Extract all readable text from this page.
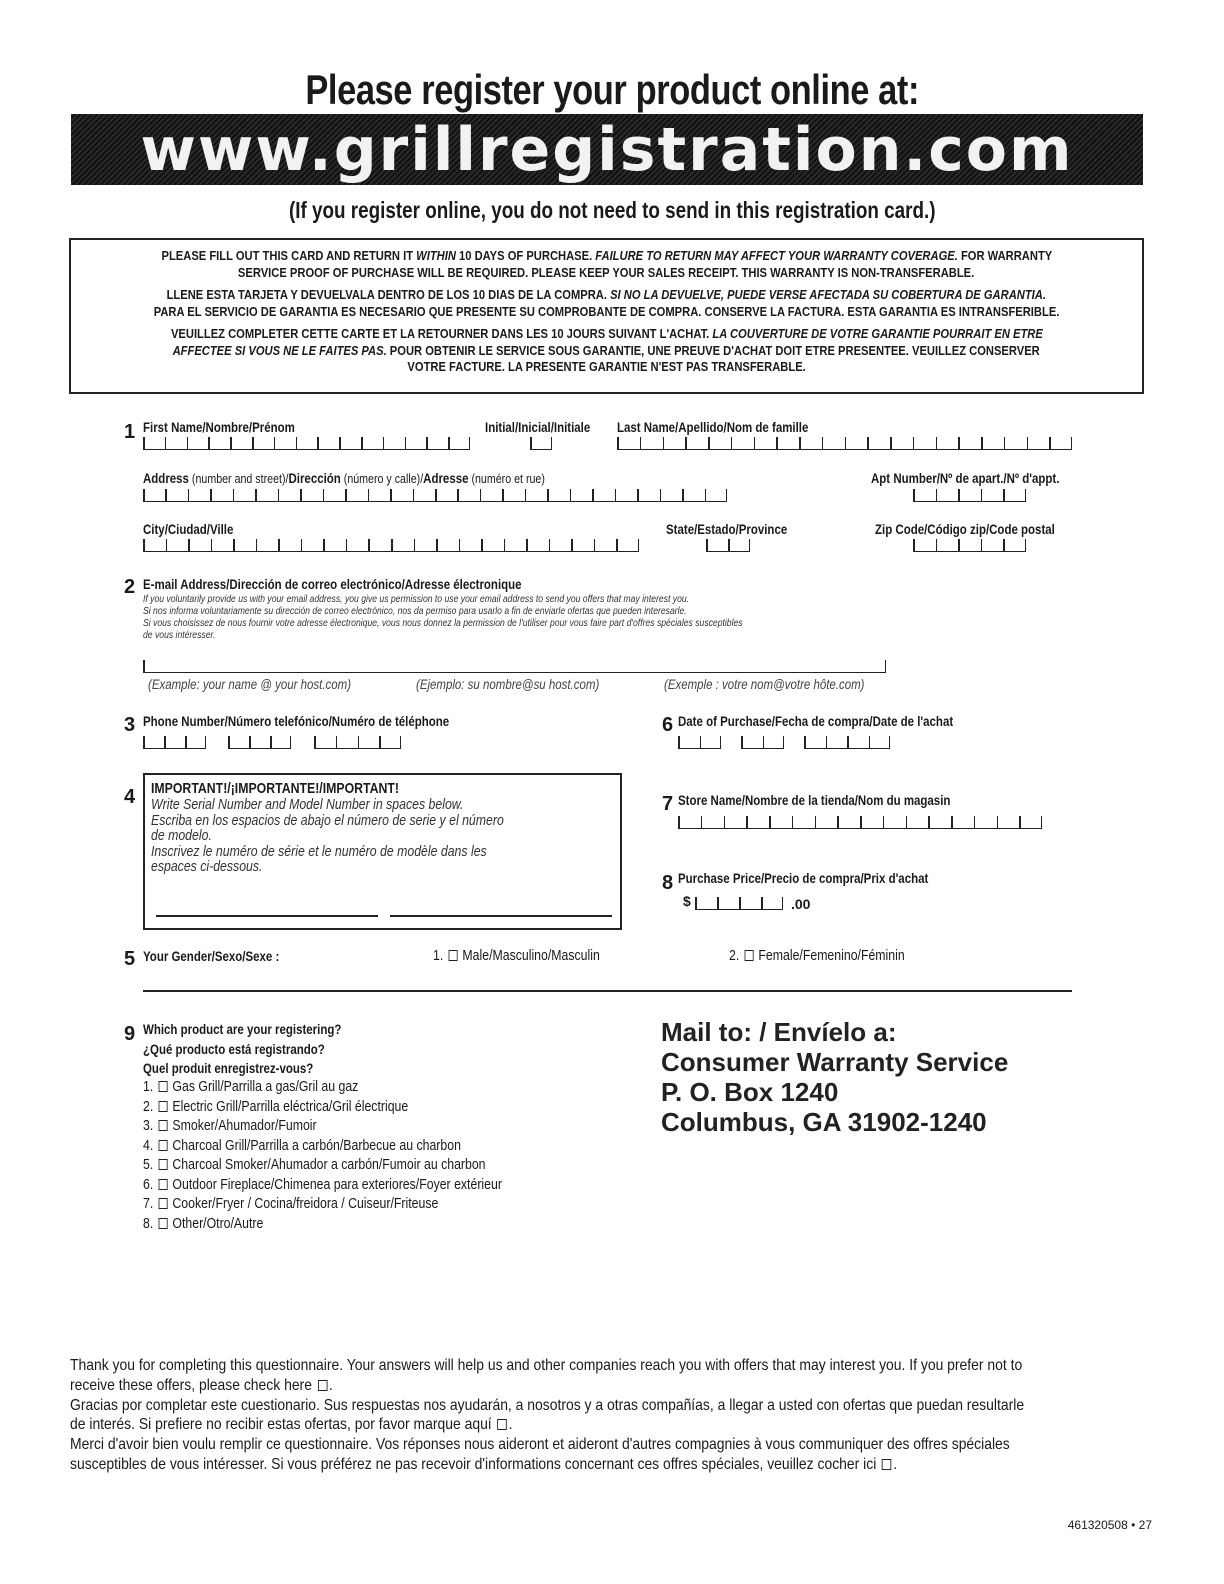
Please register your product online at:
www.grillregistration.com
(If you register online, you do not need to send in this registration card.)

PLEASE FILL OUT THIS CARD AND RETURN IT WITHIN 10 DAYS OF PURCHASE. FAILURE TO RETURN MAY AFFECT YOUR WARRANTY COVERAGE. FOR WARRANTY
SERVICE PROOF OF PURCHASE WILL BE REQUIRED. PLEASE KEEP YOUR SALES RECEIPT. THIS WARRANTY IS NON-TRANSFERABLE.

LLENE ESTA TARJETA Y DEVUELVALA DENTRO DE LOS 10 DIAS DE LA COMPRA. SI NO LA DEVUELVE, PUEDE VERSE AFECTADA SU COBERTURA DE GARANTIA.
PARA EL SERVICIO DE GARANTIA ES NECESARIO QUE PRESENTE SU COMPROBANTE DE COMPRA. CONSERVE LA FACTURA. ESTA GARANTIA ES INTRANSFERIBLE.

VEUILLEZ COMPLETER CETTE CARTE ET LA RETOURNER DANS LES 10 JOURS SUIVANT L'ACHAT. LA COUVERTURE DE VOTRE GARANTIE POURRAIT EN ETRE
AFFECTEE SI VOUS NE LE FAITES PAS. POUR OBTENIR LE SERVICE SOUS GARANTIE, UNE PREUVE D'ACHAT DOIT ETRE PRESENTEE. VEUILLEZ CONSERVER
VOTRE FACTURE. LA PRESENTE GARANTIE N'EST PAS TRANSFERABLE.

1 First Name/Nombre/Prénom	Initial/Inicial/Initiale	Last Name/Apellido/Nom de famille
Address (number and street)/Dirección (número y calle)/Adresse (numéro et rue)	Apt Number/Nº de apart./Nº d'appt.
City/Ciudad/Ville	State/Estado/Province	Zip Code/Código zip/Code postal
2 E-mail Address/Dirección de correo electrónico/Adresse électronique
If you voluntarily provide us with your email address, you give us permission to use your email address to send you offers that may interest you.
Si nos informa voluntariamente su dirección de correo electrónico, nos da permiso para usarlo a fin de enviarle ofertas que pueden interesarle.
Si vous choisissez de nous fournir votre adresse électronique, vous nous donnez la permission de l'utiliser pour vous faire part d'offres spéciales susceptibles
de vous intéresser.
(Example: your name @ your host.com)	(Ejemplo: su nombre@su host.com)	(Exemple : votre nom@votre hôte.com)
3 Phone Number/Número telefónico/Numéro de téléphone	6 Date of Purchase/Fecha de compra/Date de l'achat
4 IMPORTANT!/¡IMPORTANTE!/IMPORTANT!
Write Serial Number and Model Number in spaces below.
Escriba en los espacios de abajo el número de serie y el número
de modelo.
Inscrivez le numéro de série et le numéro de modèle dans les
espaces ci-dessous.
7 Store Name/Nombre de la tienda/Nom du magasin
8 Purchase Price/Precio de compra/Prix d'achat
$	.00
5 Your Gender/Sexo/Sexe :	1. Male/Masculino/Masculin	2. Female/Femenino/Féminin
9 Which product are your registering?
¿Qué producto está registrando?
Quel produit enregistrez-vous?
1. Gas Grill/Parrilla a gas/Gril au gaz
2. Electric Grill/Parrilla eléctrica/Gril électrique
3. Smoker/Ahumador/Fumoir
4. Charcoal Grill/Parrilla a carbón/Barbecue au charbon
5. Charcoal Smoker/Ahumador a carbón/Fumoir au charbon
6. Outdoor Fireplace/Chimenea para exteriores/Foyer extérieur
7. Cooker/Fryer / Cocina/freidora / Cuiseur/Friteuse
8. Other/Otro/Autre
Mail to: / Envíelo a:
Consumer Warranty Service
P. O. Box 1240
Columbus, GA 31902-1240
Thank you for completing this questionnaire. Your answers will help us and other companies reach you with offers that may interest you. If you prefer not to
receive these offers, please check here .
Gracias por completar este cuestionario. Sus respuestas nos ayudarán, a nosotros y a otras compañías, a llegar a usted con ofertas que puedan resultarle
de interés. Si prefiere no recibir estas ofertas, por favor marque aquí .
Merci d'avoir bien voulu remplir ce questionnaire. Vos réponses nous aideront et aideront d'autres compagnies à vous communiquer des offres spéciales
susceptibles de vous intéresser. Si vous préférez ne pas recevoir d'informations concernant ces offres spéciales, veuillez cocher ici .
461320508 • 27
